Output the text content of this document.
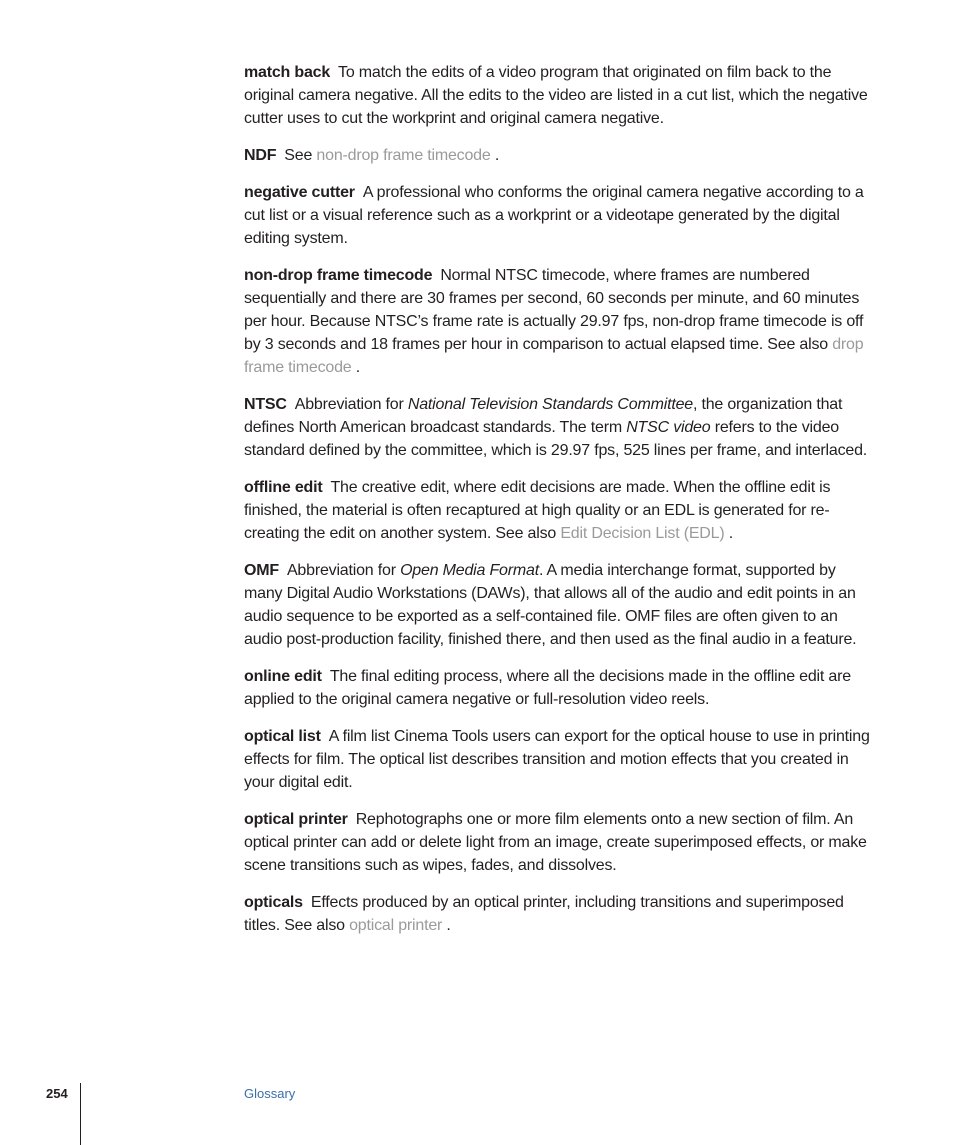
match back To match the edits of a video program that originated on film back to the original camera negative. All the edits to the video are listed in a cut list, which the negative cutter uses to cut the workprint and original camera negative.

NDF See non-drop frame timecode .

negative cutter A professional who conforms the original camera negative according to a cut list or a visual reference such as a workprint or a videotape generated by the digital editing system.

non-drop frame timecode Normal NTSC timecode, where frames are numbered sequentially and there are 30 frames per second, 60 seconds per minute, and 60 minutes per hour. Because NTSC’s frame rate is actually 29.97 fps, non-drop frame timecode is off by 3 seconds and 18 frames per hour in comparison to actual elapsed time. See also drop frame timecode .

NTSC Abbreviation for National Television Standards Committee, the organization that defines North American broadcast standards. The term NTSC video refers to the video standard defined by the committee, which is 29.97 fps, 525 lines per frame, and interlaced.

offline edit The creative edit, where edit decisions are made. When the offline edit is finished, the material is often recaptured at high quality or an EDL is generated for re-creating the edit on another system. See also Edit Decision List (EDL) .

OMF Abbreviation for Open Media Format. A media interchange format, supported by many Digital Audio Workstations (DAWs), that allows all of the audio and edit points in an audio sequence to be exported as a self-contained file. OMF files are often given to an audio post-production facility, finished there, and then used as the final audio in a feature.

online edit The final editing process, where all the decisions made in the offline edit are applied to the original camera negative or full-resolution video reels.

optical list A film list Cinema Tools users can export for the optical house to use in printing effects for film. The optical list describes transition and motion effects that you created in your digital edit.

optical printer Rephotographs one or more film elements onto a new section of film. An optical printer can add or delete light from an image, create superimposed effects, or make scene transitions such as wipes, fades, and dissolves.

opticals Effects produced by an optical printer, including transitions and superimposed titles. See also optical printer .

254	Glossary
